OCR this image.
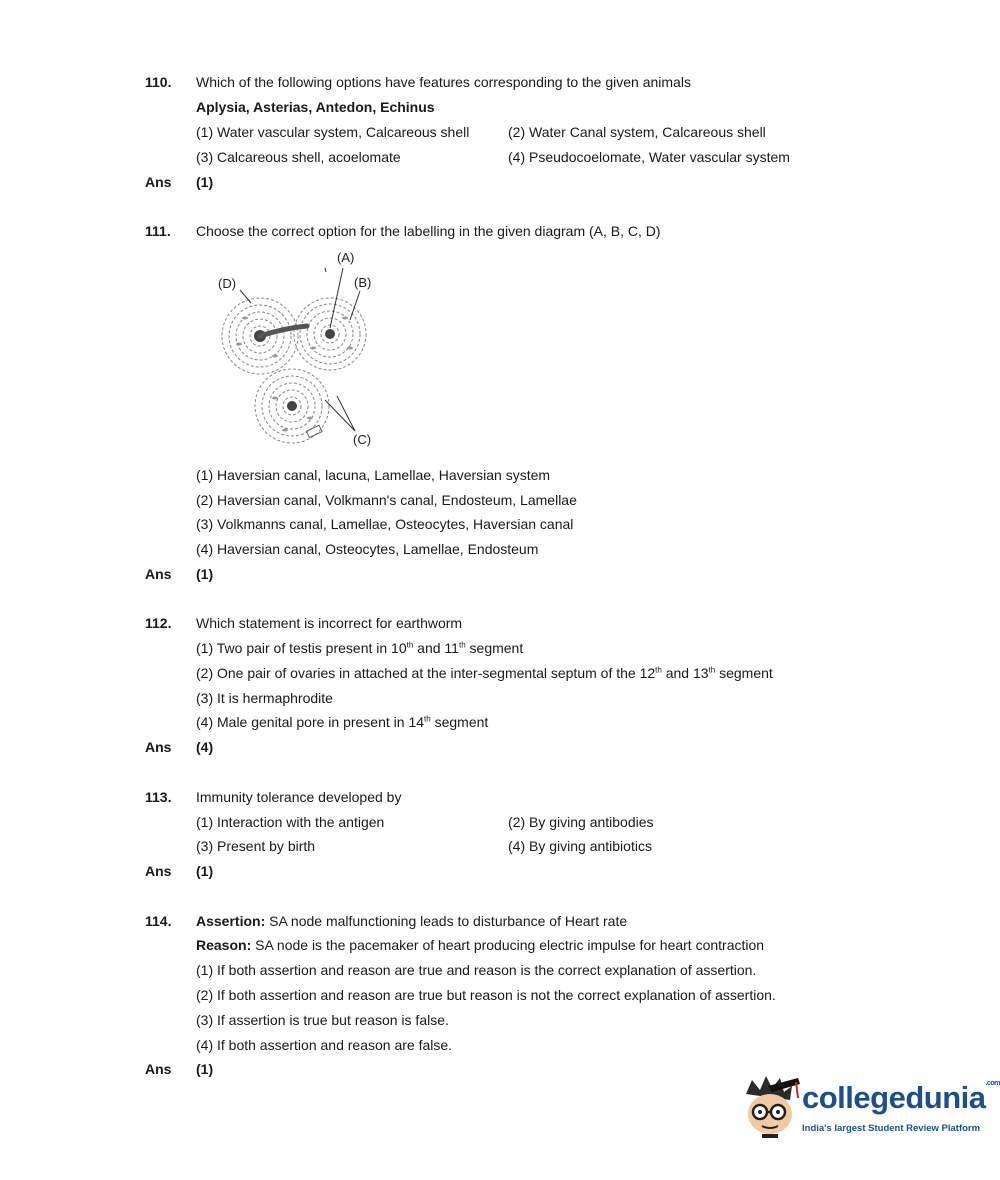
110. Which of the following options have features corresponding to the given animals
Aplysia, Asterias, Antedon, Echinus
(1) Water vascular system, Calcareous shell	(2) Water Canal system, Calcareous shell
(3) Calcareous shell, acoelomate	(4) Pseudocoelomate, Water vascular system
Ans (1)
111. Choose the correct option for the labelling in the given diagram (A, B, C, D)
(A)
(B)
(C)
(D)
(1) Haversian canal, lacuna, Lamellae, Haversian system
(2) Haversian canal, Volkmann's canal, Endosteum, Lamellae
(3) Volkmanns canal, Lamellae, Osteocytes, Haversian canal
(4) Haversian canal, Osteocytes, Lamellae, Endosteum
Ans (1)
112. Which statement is incorrect for earthworm
(1) Two pair of testis present in 10th and 11th segment
(2) One pair of ovaries in attached at the inter-segmental septum of the 12th and 13th segment
(3) It is hermaphrodite
(4) Male genital pore in present in 14th segment
Ans (4)
113. Immunity tolerance developed by
(1) Interaction with the antigen	(2) By giving antibodies
(3) Present by birth	(4) By giving antibiotics
Ans (1)
114. Assertion: SA node malfunctioning leads to disturbance of Heart rate
Reason: SA node is the pacemaker of heart producing electric impulse for heart contraction
(1) If both assertion and reason are true and reason is the correct explanation of assertion.
(2) If both assertion and reason are true but reason is not the correct explanation of assertion.
(3) If assertion is true but reason is false.
(4) If both assertion and reason are false.
Ans (1)
collegedunia$^{.com}$
India's largest Student Review Platform
